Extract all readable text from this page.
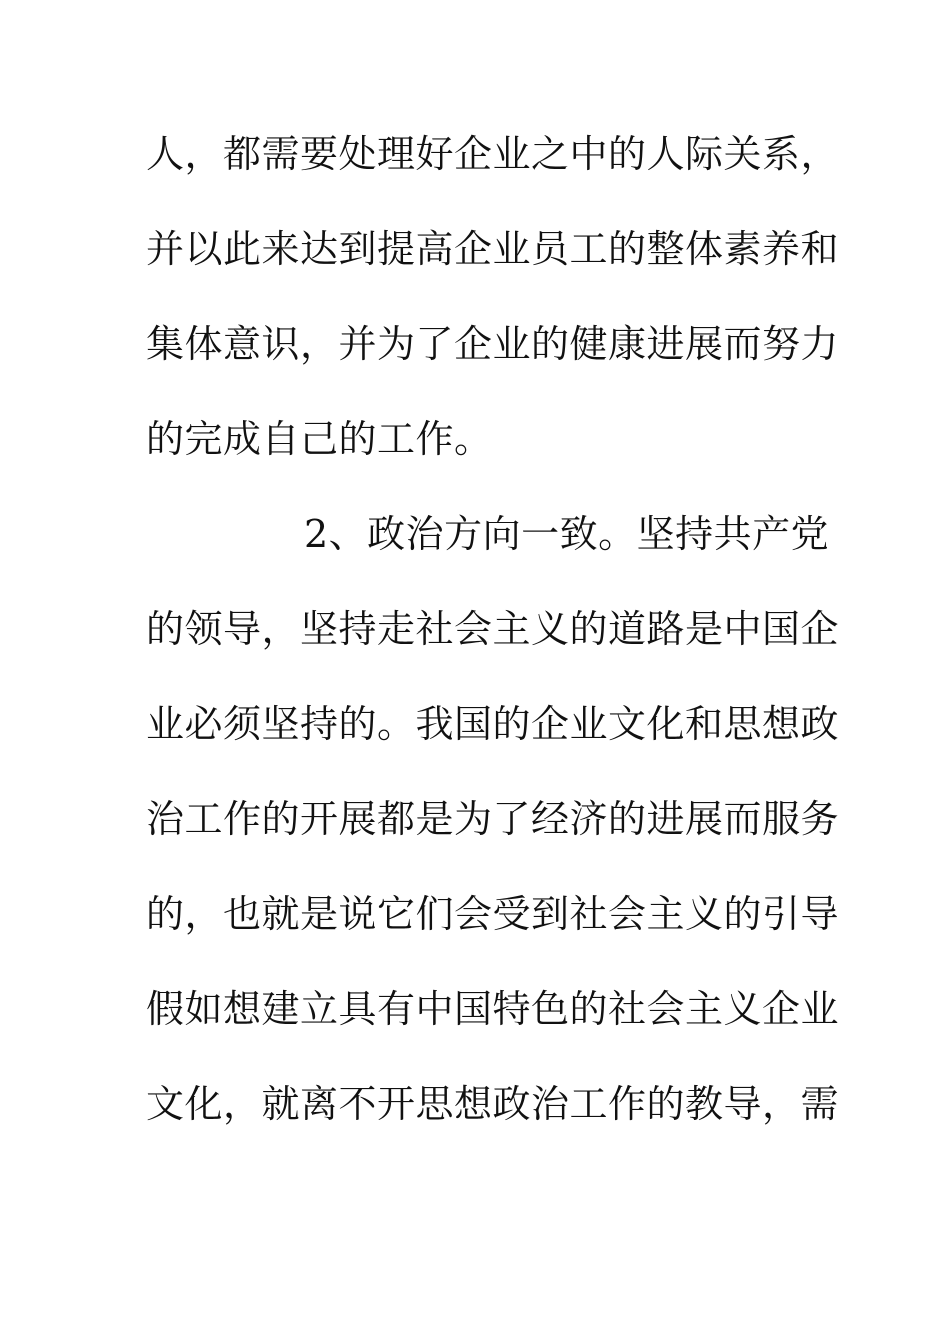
人，都需要处理好企业之中的人际关系，
并以此来达到提高企业员工的整体素养和
集体意识，并为了企业的健康进展而努力
的完成自己的工作。
2、政治方向一致。坚持共产党
的领导，坚持走社会主义的道路是中国企
业必须坚持的。我国的企业文化和思想政
治工作的开展都是为了经济的进展而服务
的，也就是说它们会受到社会主义的引导
假如想建立具有中国特色的社会主义企业
文化，就离不开思想政治工作的教导，需
